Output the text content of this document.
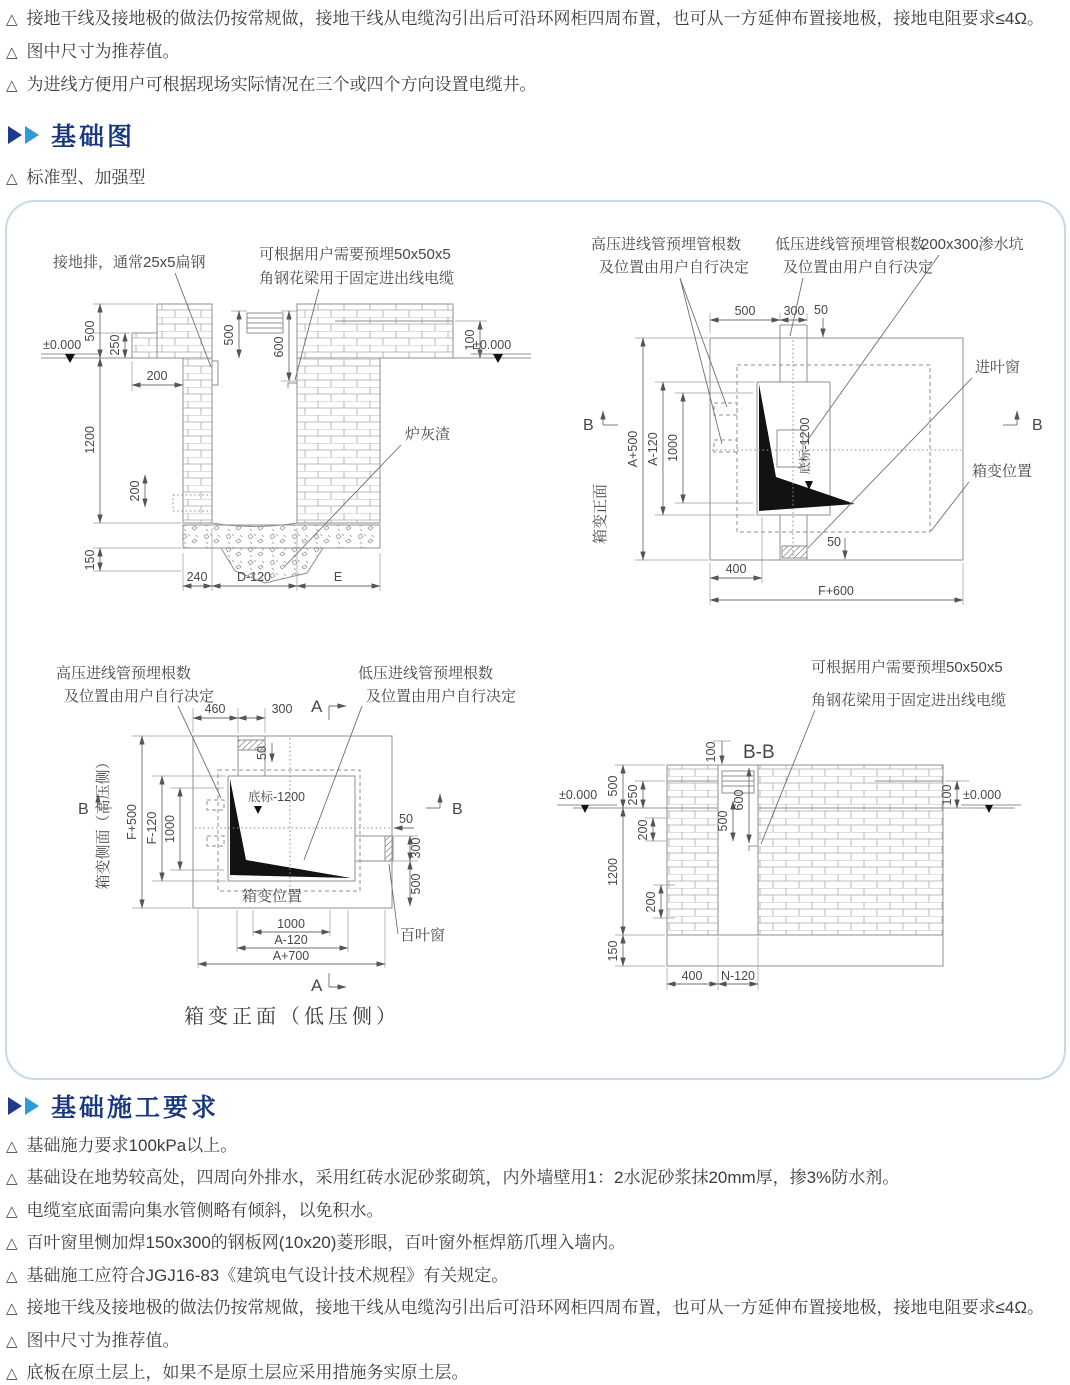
△ 接地干线及接地极的做法仍按常规做，接地干线从电缆沟引出后可沿环网柜四周布置，也可从一方延伸布置接地极，接地电阻要求≤4Ω。
△ 图中尺寸为推荐值。
△ 为进线方便用户可根据现场实际情况在三个或四个方向设置电缆井。
基础图
△ 标准型、加强型
500
250
200
1200
200
150
500
600	100
240 D-120	E
±0.000	±0.000
接地排，通常25x5扁钢	可根据用户需要预埋50x50x5
角钢花梁用于固定进出线电缆
炉灰渣
500 300 50
A+500 A-120 1000
400
F+600
50
B	B
箱变正面
底标-1200
高压进线管预埋管根数
及位置由用户自行决定
低压进线管预埋管根数
及位置由用户自行决定
200x300渗水坑
进叶窗
箱变位置
460	300
50
F+500 F-120 1000	50
300
500
1000
A-120
A+700
A
A
B	B
箱变侧面（高压侧）	底标-1200
箱变位置
高压进线管预埋根数
及位置由用户自行决定
低压进线管预埋根数
及位置由用户自行决定
百叶窗
箱变正面（低压侧）
500 250
1200
200
200
150
100
500
600	100
400 N-120
±0.000	±0.000
B-B
可根据用户需要预埋50x50x5
角钢花梁用于固定进出线电缆
基础施工要求
△ 基础施力要求100kPa以上。
△ 基础设在地势较高处，四周向外排水，采用红砖水泥砂浆砌筑，内外墙壁用1：2水泥砂浆抹20mm厚，掺3%防水剂。
△ 电缆室底面需向集水管侧略有倾斜，以免积水。
△ 百叶窗里恻加焊150x300的钢板网(10x20)菱形眼，百叶窗外框焊筋爪埋入墙内。
△ 基础施工应符合JGJ16-83《建筑电气设计技术规程》有关规定。
△ 接地干线及接地极的做法仍按常规做，接地干线从电缆沟引出后可沿环网柜四周布置，也可从一方延伸布置接地极，接地电阻要求≤4Ω。
△ 图中尺寸为推荐值。
△ 底板在原土层上，如果不是原土层应采用措施务实原土层。
